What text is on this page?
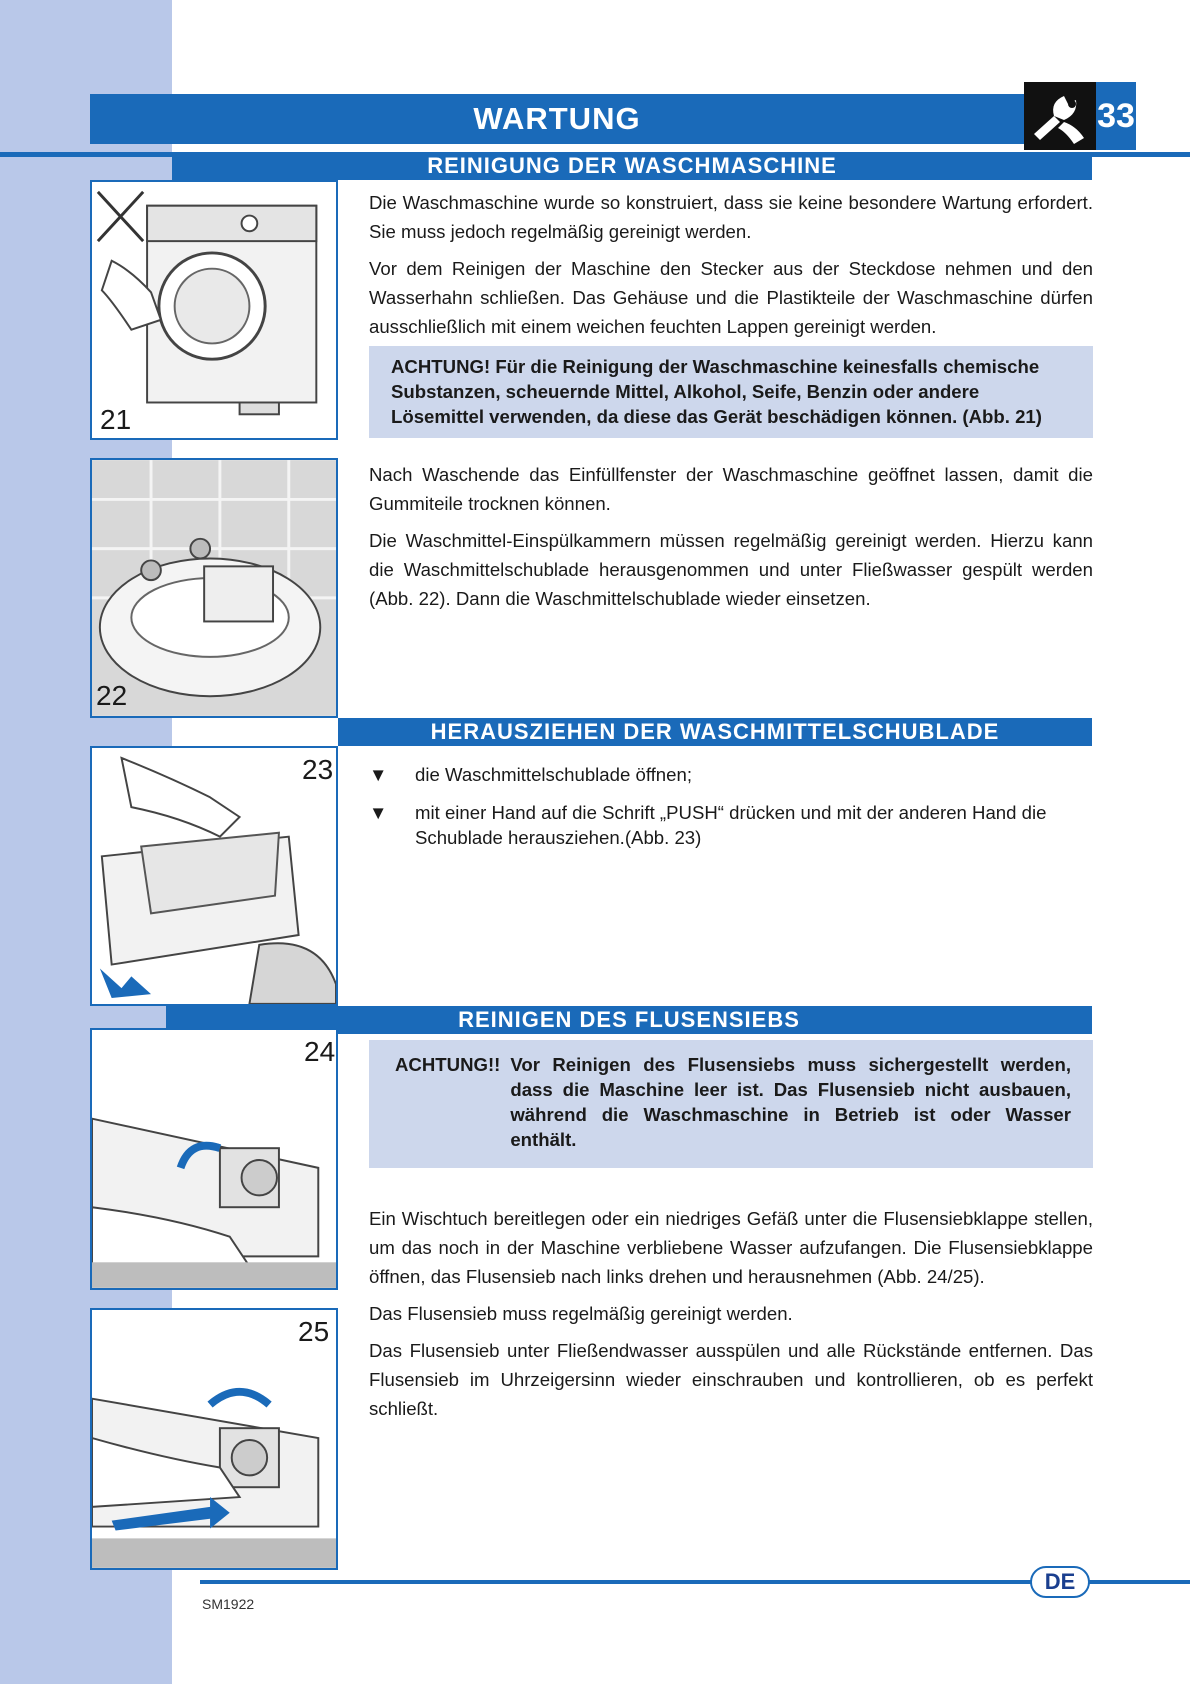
WARTUNG	33
REINIGUNG DER WASCHMASCHINE
21

Die Waschmaschine wurde so konstruiert, dass sie keine besondere Wartung erfordert. Sie muss jedoch regelmäßig gereinigt werden.

Vor dem Reinigen der Maschine den Stecker aus der Steckdose nehmen und den Wasserhahn schließen. Das Gehäuse und die Plastikteile der Waschmaschine dürfen ausschließlich mit einem weichen feuchten Lappen gereinigt werden.

ACHTUNG! Für die Reinigung der Waschmaschine keinesfalls chemische Substanzen, scheuernde Mittel, Alkohol, Seife, Benzin oder andere Lösemittel verwenden, da diese das Gerät beschädigen können. (Abb. 21)
22

Nach Waschende das Einfüllfenster der Waschmaschine geöffnet lassen, damit die Gummiteile trocknen können.

Die Waschmittel-Einspülkammern müssen regelmäßig gereinigt werden. Hierzu kann die Waschmittelschublade herausgenommen und unter Fließwasser gespült werden (Abb. 22). Dann die Waschmittelschublade wieder einsetzen.

HERAUSZIEHEN DER WASCHMITTELSCHUBLADE
23 ▼ die Waschmittelschublade öffnen;
▼ mit einer Hand auf die Schrift „PUSH“ drücken und mit der anderen Hand die Schublade herausziehen.(Abb. 23)
REINIGEN DES FLUSENSIEBS
24	ACHTUNG!! Vor Reinigen des Flusensiebs muss sichergestellt werden, dass die Maschine leer ist. Das Flusensieb nicht ausbauen, während die Waschmaschine in Betrieb ist oder Wasser enthält.
25

Ein Wischtuch bereitlegen oder ein niedriges Gefäß unter die Flusensiebklappe stellen, um das noch in der Maschine verbliebene Wasser aufzufangen. Die Flusensiebklappe öffnen, das Flusensieb nach links drehen und herausnehmen (Abb. 24/25).

Das Flusensieb muss regelmäßig gereinigt werden.

Das Flusensieb unter Fließendwasser ausspülen und alle Rückstände entfernen. Das Flusensieb im Uhrzeigersinn wieder einschrauben und kontrollieren, ob es perfekt schließt.

SM1922
DE
